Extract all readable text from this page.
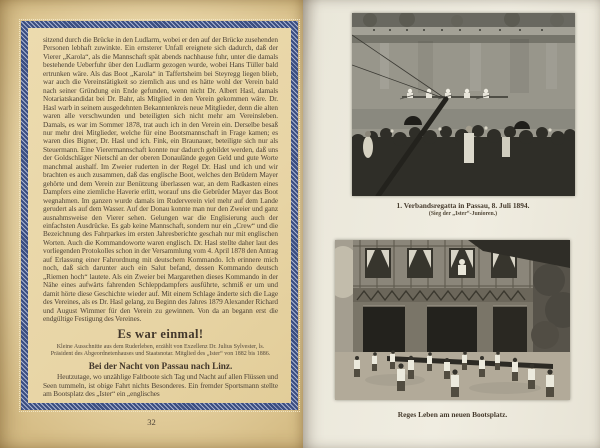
sitzend durch die Brücke in den Ludlarm, wobei er den auf der Brücke zusehenden Personen lebhaft zuwinkte. Ein ernsterer Unfall ereignete sich dadurch, daß der Vierer „Karola“, als die Mannschaft spät abends nachhause fuhr, unter die damals bestehende Ueberfuhr über den Ludlarm gezogen wurde, wobei Hans Tüller bald ertrunken wäre. Als das Boot „Karola“ in Taffertsheim bei Steyregg liegen blieb, war auch die Vereinstätigkeit so ziemlich aus und es hätte wohl der Verein bald nach seiner Gründung ein Ende gefunden, wenn nicht Dr. Albert Hasl, damals Notariatskandidat bei Dr. Bahr, als Mitglied in den Verein gekommen wäre. Dr. Hasl warb in seinem ausgedehnten Bekanntenkreis neue Mitglieder, denn die alten waren alle verschwunden und beteiligten sich nicht mehr am Vereinsleben. Damals, es war im Sommer 1878, trat auch ich in den Verein ein. Derselbe besaß nur mehr drei Mitglieder, welche für eine Bootsmannschaft in Frage kamen; es waren dies Bigner, Dr. Hasl und ich. Fink, ein Braunauer, beteiligte sich nur als Steuermann. Eine Vierermannschaft konnte nur dadurch gebildet werden, daß uns der Goldschläger Nietschl an der oberen Donaulände gegen Geld und gute Worte manchmal aushalf. Im Zweier ruderten in der Regel Dr. Hasl und ich und wir brachten es auch zusammen, daß das englische Boot, welches den Brüdern Mayer gehörte und dem Verein zur Benützung überlassen war, an dem Radkasten eines Dampfers eine ziemliche Haverie erlitt, worauf uns die Gebrüder Mayer das Boot wegnahmen. Im ganzen wurde damals im Ruderverein viel mehr auf dem Lande gerudert als auf dem Wasser. Auf der Donau konnte man nur den Zweier und ganz ausnahmsweise den Vierer sehen. Gelungen war die Englisierung auch der einfachsten Ausdrücke. Es gab keine Mannschaft, sondern nur ein „Crew“ und die Bezeichnung des Fahrparkes im ersten Jahresberichte geschah nur mit englischen Worten. Auch die Kommandoworte waren englisch. Dr. Hasl stellte daher laut des vorliegenden Protokolles schon in der Versammlung vom 4. April 1878 den Antrag auf Erlassung einer Fahrordnung mit deutschem Kommando. Ich erinnere mich noch, daß sich darunter auch ein Salut befand, dessen Kommando deutsch „Riemen hoch“ lautete. Als ein Zweier bei Margarethen dieses Kommando in der Nähe eines aufwärts fahrenden Schleppdampfers ausführte, schmiß er um und damit hörte diese Geschichte wieder auf. Mit einem Schlage änderte sich die Lage des Vereines, als es Dr. Hasl gelang, zu Beginn des Jahres 1879 Alexander Richard und August Wimmer für den Verein zu gewinnen. Von da an begann erst die endgültige Festigung des Vereines.

Es war einmal!
Kleine Ausschnitte aus dem Ruderleben, erzählt von Exzellenz Dr. Julius Sylvester, ls. Präsident des Abgeordnetenhauses und Staatsnotar. Mitglied des „Ister“ von 1882 bis 1886.
Bei der Nacht von Passau nach Linz.

Heutzutage, wo unzählige Faltboote sich Tag und Nacht auf allen Flüssen und Seen tummeln, ist obige Fahrt nichts Besonderes. Ein fremder Sportsmann stellte am Bootsplatz des „Ister“ ein „englisches

32
1. Verbandsregatta in Passau, 8. Juli 1894.
(Sieg der „Ister“-Junioren.)
Reges Leben am neuen Bootsplatz.
